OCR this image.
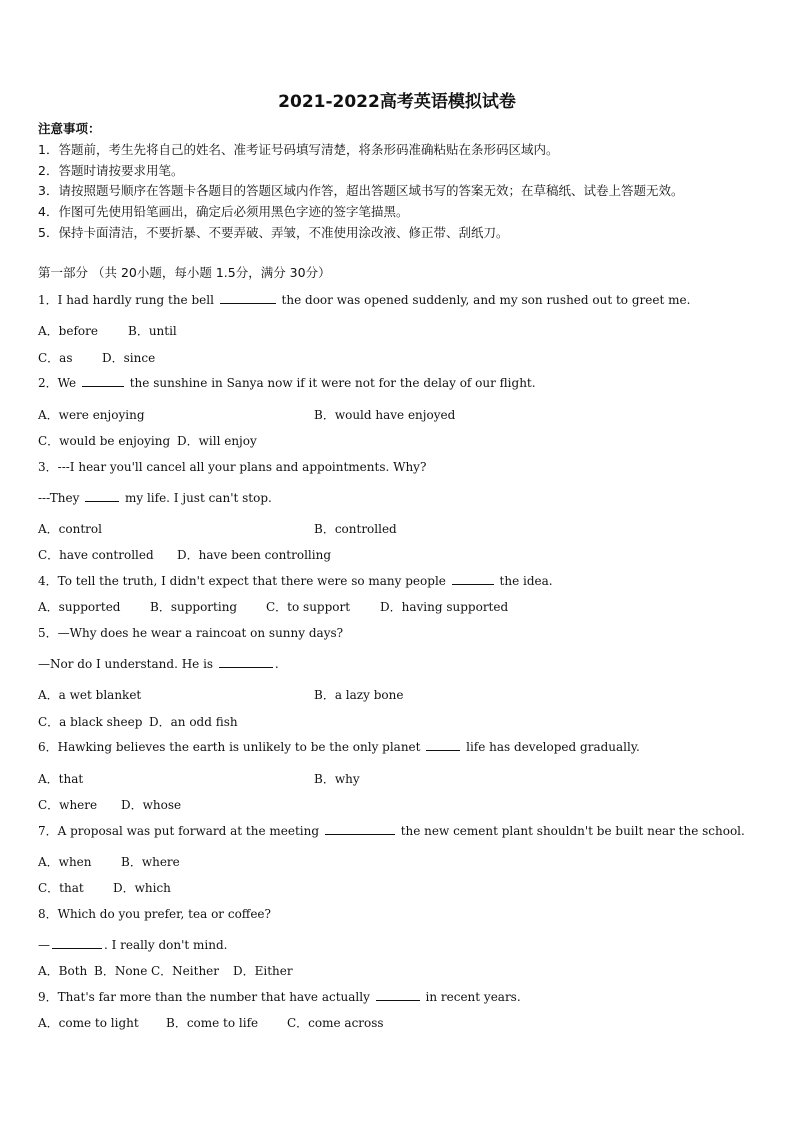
2021-2022高考英语模拟试卷
注意事项：
1．答题前，考生先将自己的姓名、准考证号码填写清楚，将条形码准确粘贴在条形码区域内。
2．答题时请按要求用笔。
3．请按照题号顺序在答题卡各题目的答题区域内作答，超出答题区域书写的答案无效；在草稿纸、试卷上答题无效。
4．作图可先使用铅笔画出，确定后必须用黑色字迹的签字笔描黑。
5．保持卡面清洁，不要折暴、不要弄破、弄皱，不准使用涂改液、修正带、刮纸刀。
第一部分 （共 20小题，每小题 1.5分，满分 30分）
1．I had hardly rung the bell	the door was opened suddenly, and my son rushed out to greet me.
A．before	B．until
C．as D．since
2．We	the sunshine in Sanya now if it were not for the delay of our flight.
A．were enjoying	B．would have enjoyed
C．would be enjoying D．will enjoy
3．---I hear you'll cancel all your plans and appointments. Why?
---They	my life. I just can't stop.
A．control	B．controlled
C．have controlled D．have been controlling
4．To tell the truth, I didn't expect that there were so many people	the idea.
A．supported B．supporting C．to support D．having supported
5．—Why does he wear a raincoat on sunny days?
—Nor do I understand. He is	.
A．a wet blanket	B．a lazy bone
C．a black sheep D．an odd fish
6．Hawking believes the earth is unlikely to be the only planet	life has developed gradually.
A．that	B．why
C．where D．whose
7．A proposal was put forward at the meeting	the new cement plant shouldn't be built near the school.
A．when B．where
C．that D．which
8．Which do you prefer, tea or coffee?
—	. I really don't mind.
A．Both B．None C．Neither D．Either
9．That's far more than the number that have actually	in recent years.
A．come to light B．come to life C．come across
